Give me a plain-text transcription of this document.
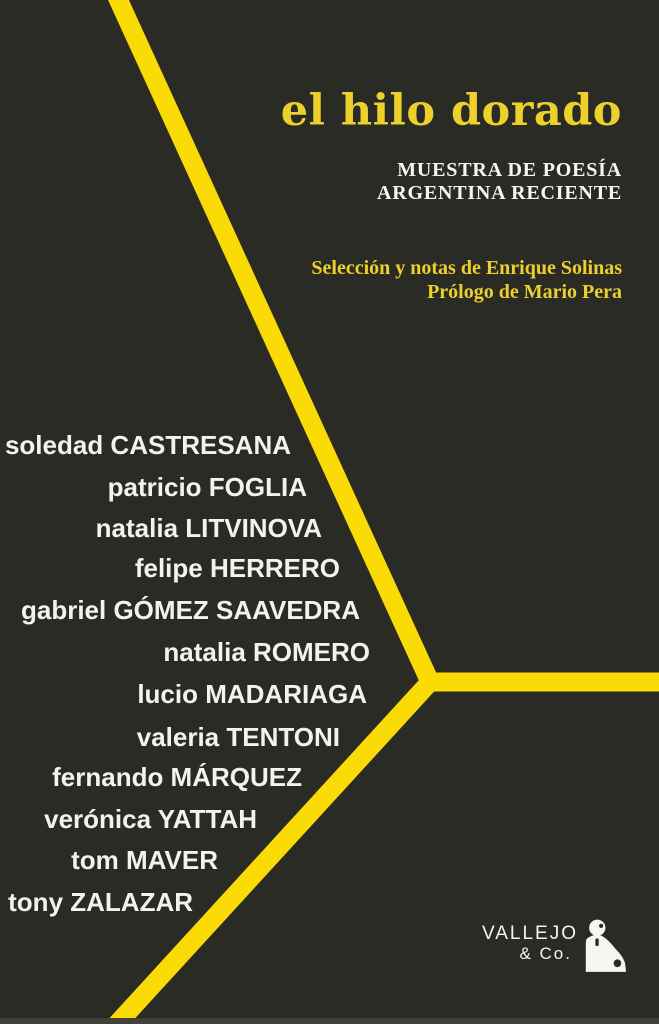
el hilo dorado
MUESTRA DE POESÍA
ARGENTINA RECIENTE
Selección y notas de Enrique Solinas
Prólogo de Mario Pera
soledad CASTRESANA
patricio FOGLIA
natalia LITVINOVA
felipe HERRERO
gabriel GÓMEZ SAAVEDRA
natalia ROMERO
lucio MADARIAGA
valeria TENTONI
fernando MÁRQUEZ
verónica YATTAH
tom MAVER
tony ZALAZAR
VALLEJO
& Co.
